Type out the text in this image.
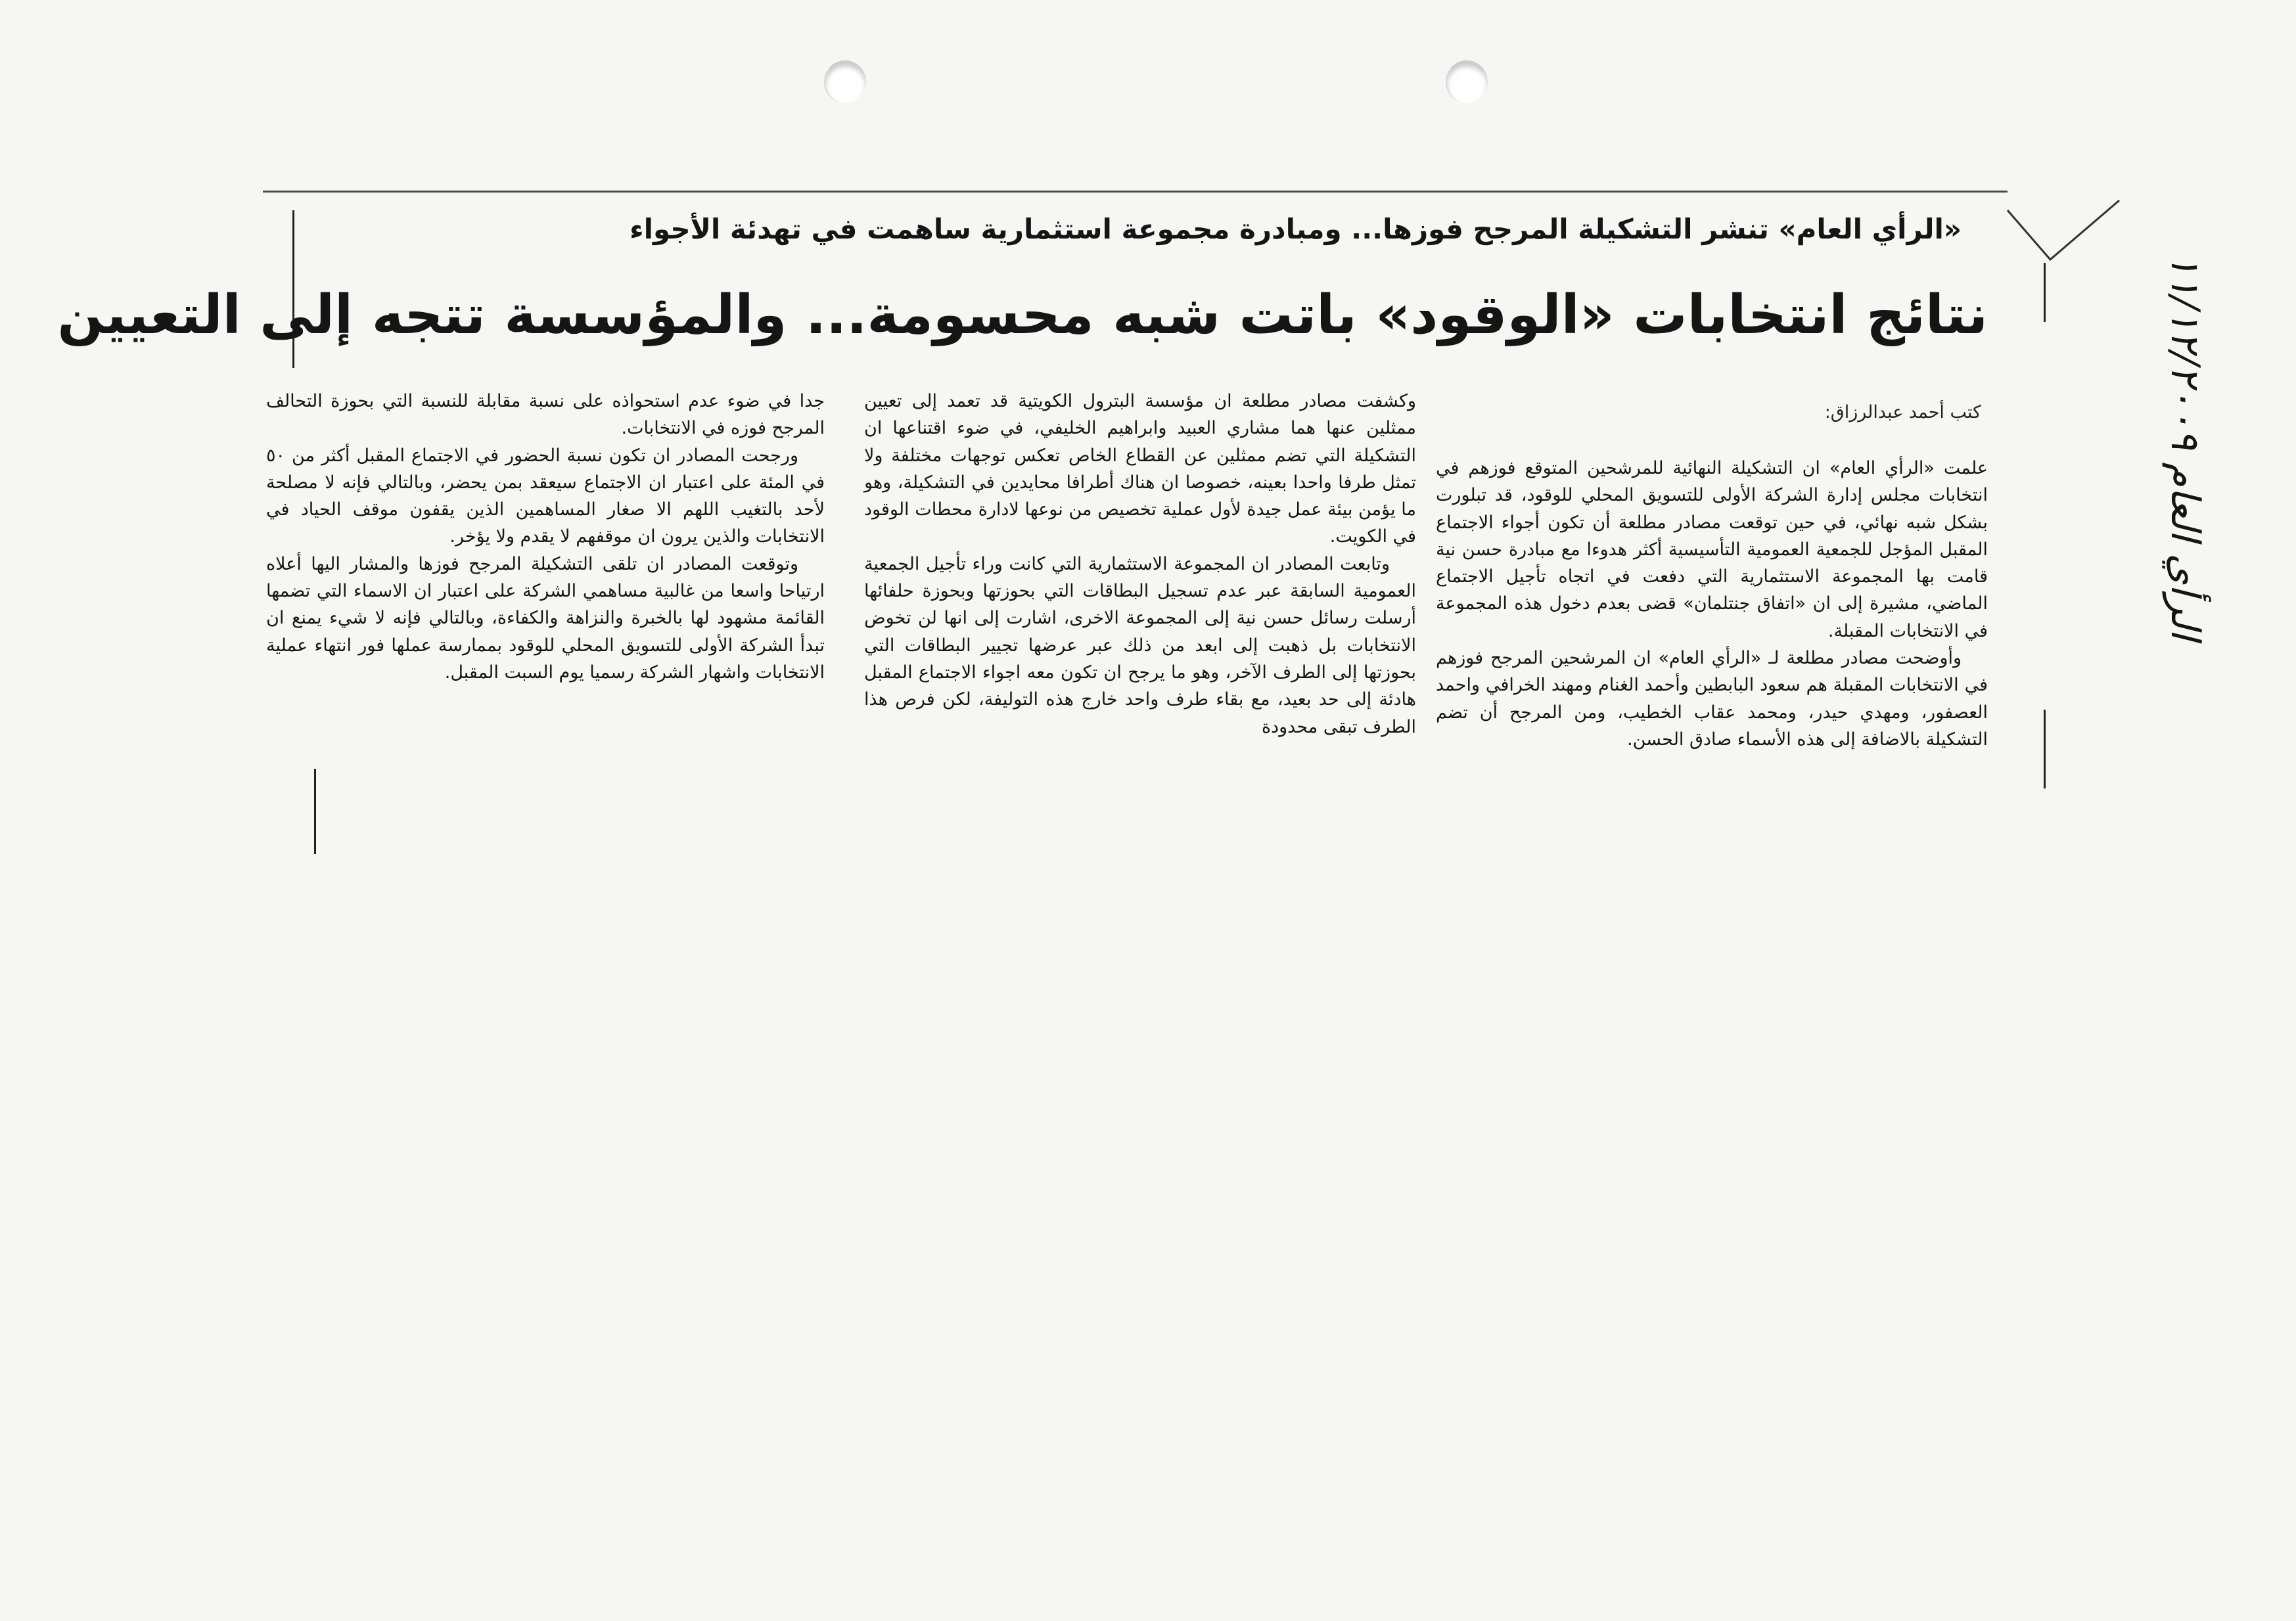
الرأي العام ١١/١٢/٢٠٠٩
«الرأي العام» تنشر التشكيلة المرجح فوزها... ومبادرة مجموعة استثمارية ساهمت في تهدئة الأجواء
نتائج انتخابات «الوقود» باتت شبه محسومة... والمؤسسة تتجه إلى التعيين
كتب أحمد عبدالرزاق:

علمت «الرأي العام» ان التشكيلة النهائية للمرشحين المتوقع فوزهم في انتخابات مجلس إدارة الشركة الأولى للتسويق المحلي للوقود، قد تبلورت بشكل شبه نهائي، في حين توقعت مصادر مطلعة أن تكون أجواء الاجتماع المقبل المؤجل للجمعية العمومية التأسيسية أكثر هدوءا مع مبادرة حسن نية قامت بها المجموعة الاستثمارية التي دفعت في اتجاه تأجيل الاجتماع الماضي، مشيرة إلى ان «اتفاق جنتلمان» قضى بعدم دخول هذه المجموعة في الانتخابات المقبلة.

وأوضحت مصادر مطلعة لـ «الرأي العام» ان المرشحين المرجح فوزهم في الانتخابات المقبلة هم سعود البابطين وأحمد الغنام ومهند الخرافي واحمد العصفور، ومهدي حيدر، ومحمد عقاب الخطيب، ومن المرجح أن تضم التشكيلة بالاضافة إلى هذه الأسماء صادق الحسن.

وكشفت مصادر مطلعة ان مؤسسة البترول الكويتية قد تعمد إلى تعيين ممثلين عنها هما مشاري العبيد وابراهيم الخليفي، في ضوء اقتناعها ان التشكيلة التي تضم ممثلين عن القطاع الخاص تعكس توجهات مختلفة ولا تمثل طرفا واحدا بعينه، خصوصا ان هناك أطرافا محايدين في التشكيلة، وهو ما يؤمن بيئة عمل جيدة لأول عملية تخصيص من نوعها لادارة محطات الوقود في الكويت.

وتابعت المصادر ان المجموعة الاستثمارية التي كانت وراء تأجيل الجمعية العمومية السابقة عبر عدم تسجيل البطاقات التي بحوزتها وبحوزة حلفائها أرسلت رسائل حسن نية إلى المجموعة الاخرى، اشارت إلى انها لن تخوض الانتخابات بل ذهبت إلى ابعد من ذلك عبر عرضها تجيير البطاقات التي بحوزتها إلى الطرف الآخر، وهو ما يرجح ان تكون معه اجواء الاجتماع المقبل هادئة إلى حد بعيد، مع بقاء طرف واحد خارج هذه التوليفة، لكن فرص هذا الطرف تبقى محدودة

جدا في ضوء عدم استحواذه على نسبة مقابلة للنسبة التي بحوزة التحالف المرجح فوزه في الانتخابات.

ورجحت المصادر ان تكون نسبة الحضور في الاجتماع المقبل أكثر من ٥٠ في المئة على اعتبار ان الاجتماع سيعقد بمن يحضر، وبالتالي فإنه لا مصلحة لأحد بالتغيب اللهم الا صغار المساهمين الذين يقفون موقف الحياد في الانتخابات والذين يرون ان موقفهم لا يقدم ولا يؤخر.

وتوقعت المصادر ان تلقى التشكيلة المرجح فوزها والمشار اليها أعلاه ارتياحا واسعا من غالبية مساهمي الشركة على اعتبار ان الاسماء التي تضمها القائمة مشهود لها بالخبرة والنزاهة والكفاءة، وبالتالي فإنه لا شيء يمنع ان تبدأ الشركة الأولى للتسويق المحلي للوقود بممارسة عملها فور انتهاء عملية الانتخابات واشهار الشركة رسميا يوم السبت المقبل.
